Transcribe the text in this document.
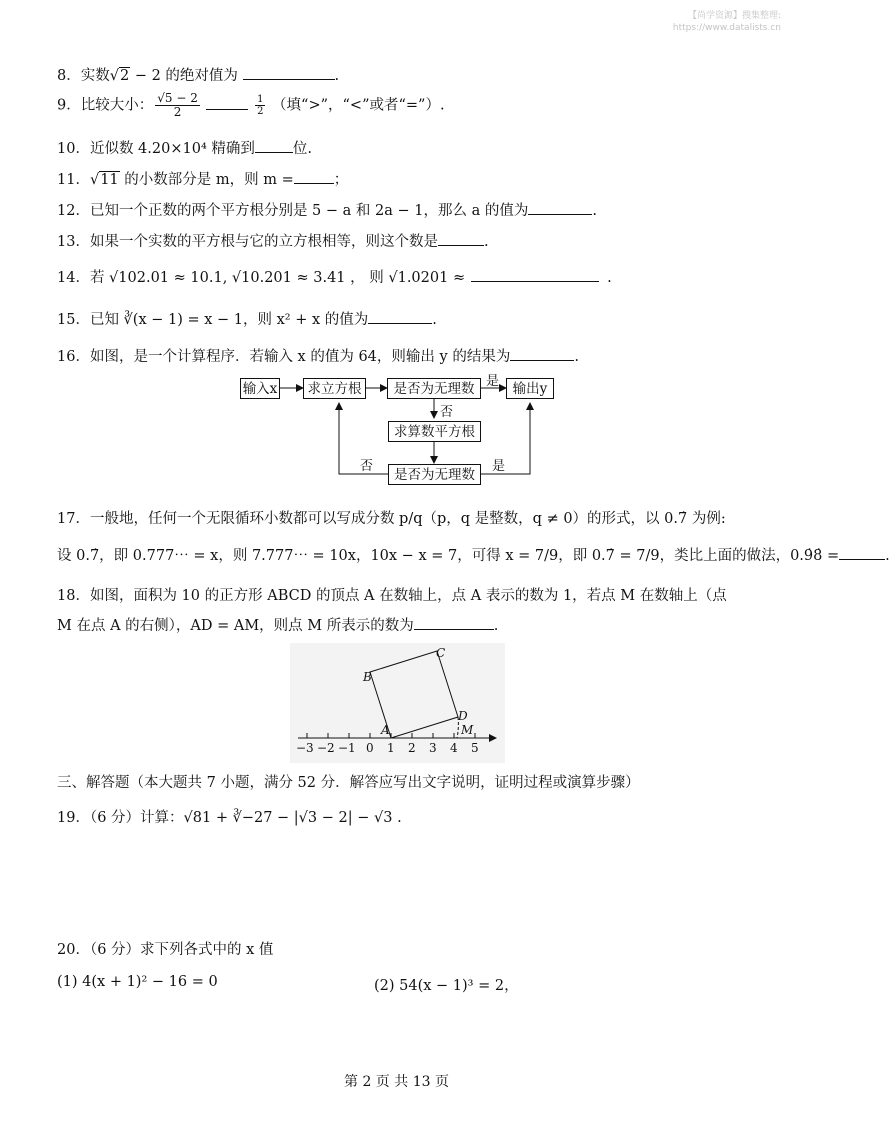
【尚学资源】搜集整理:
https://www.datalists.cn
8．实数√2 − 2 的绝对值为	.
9．比较大小： $\frac{√5 - 2}{2}$
	$\frac{1}{2}$ （填“>”，“<”或者“=”）.
10．近似数 4.20×10⁴ 精确到	位.
11．√11 的小数部分是 m，则 m =	；
12．已知一个正数的两个平方根分别是 5 − a 和 2a − 1，那么 a 的值为	.
13．如果一个实数的平方根与它的立方根相等，则这个数是	.
14．若 √102.01 ≈ 10.1, √10.201 ≈ 3.41 ， 则 √1.0201 ≈	.
15．已知 ∛(x − 1) = x − 1，则 x² + x 的值为	.
16．如图，是一个计算程序．若输入 x 的值为 64，则输出 y 的结果为	.
输入x	求立方根	是否为无理数	输出y
求算数平方根
是否为无理数
是
否
否	是
17．一般地，任何一个无限循环小数都可以写成分数 p/q（p，q 是整数，q ≠ 0）的形式，以 0.7̇ 为例:
设 0.7̇，即 0.777⋯ = x，则 7.777⋯ = 10x，10x − x = 7，可得 x = 7/9，即 0.7̇ = 7/9，类比上面的做法，0.9̇8̇ =	.
18．如图，面积为 10 的正方形 ABCD 的顶点 A 在数轴上，点 A 表示的数为 1，若点 M 在数轴上（点
M 在点 A 的右侧），AD = AM，则点 M 所表示的数为	.
B
C
D
A	M
−3 −2 −1 0 1 2 3 4 5
三、解答题（本大题共 7 小题，满分 52 分．解答应写出文字说明，证明过程或演算步骤）
19．（6 分）计算：√81 + ∛−27 − |√3 − 2| − √3 .
20．（6 分）求下列各式中的 x 值
(1) 4(x + 1)² − 16 = 0	(2) 54(x − 1)³ = 2，
第 2 页 共 13 页
